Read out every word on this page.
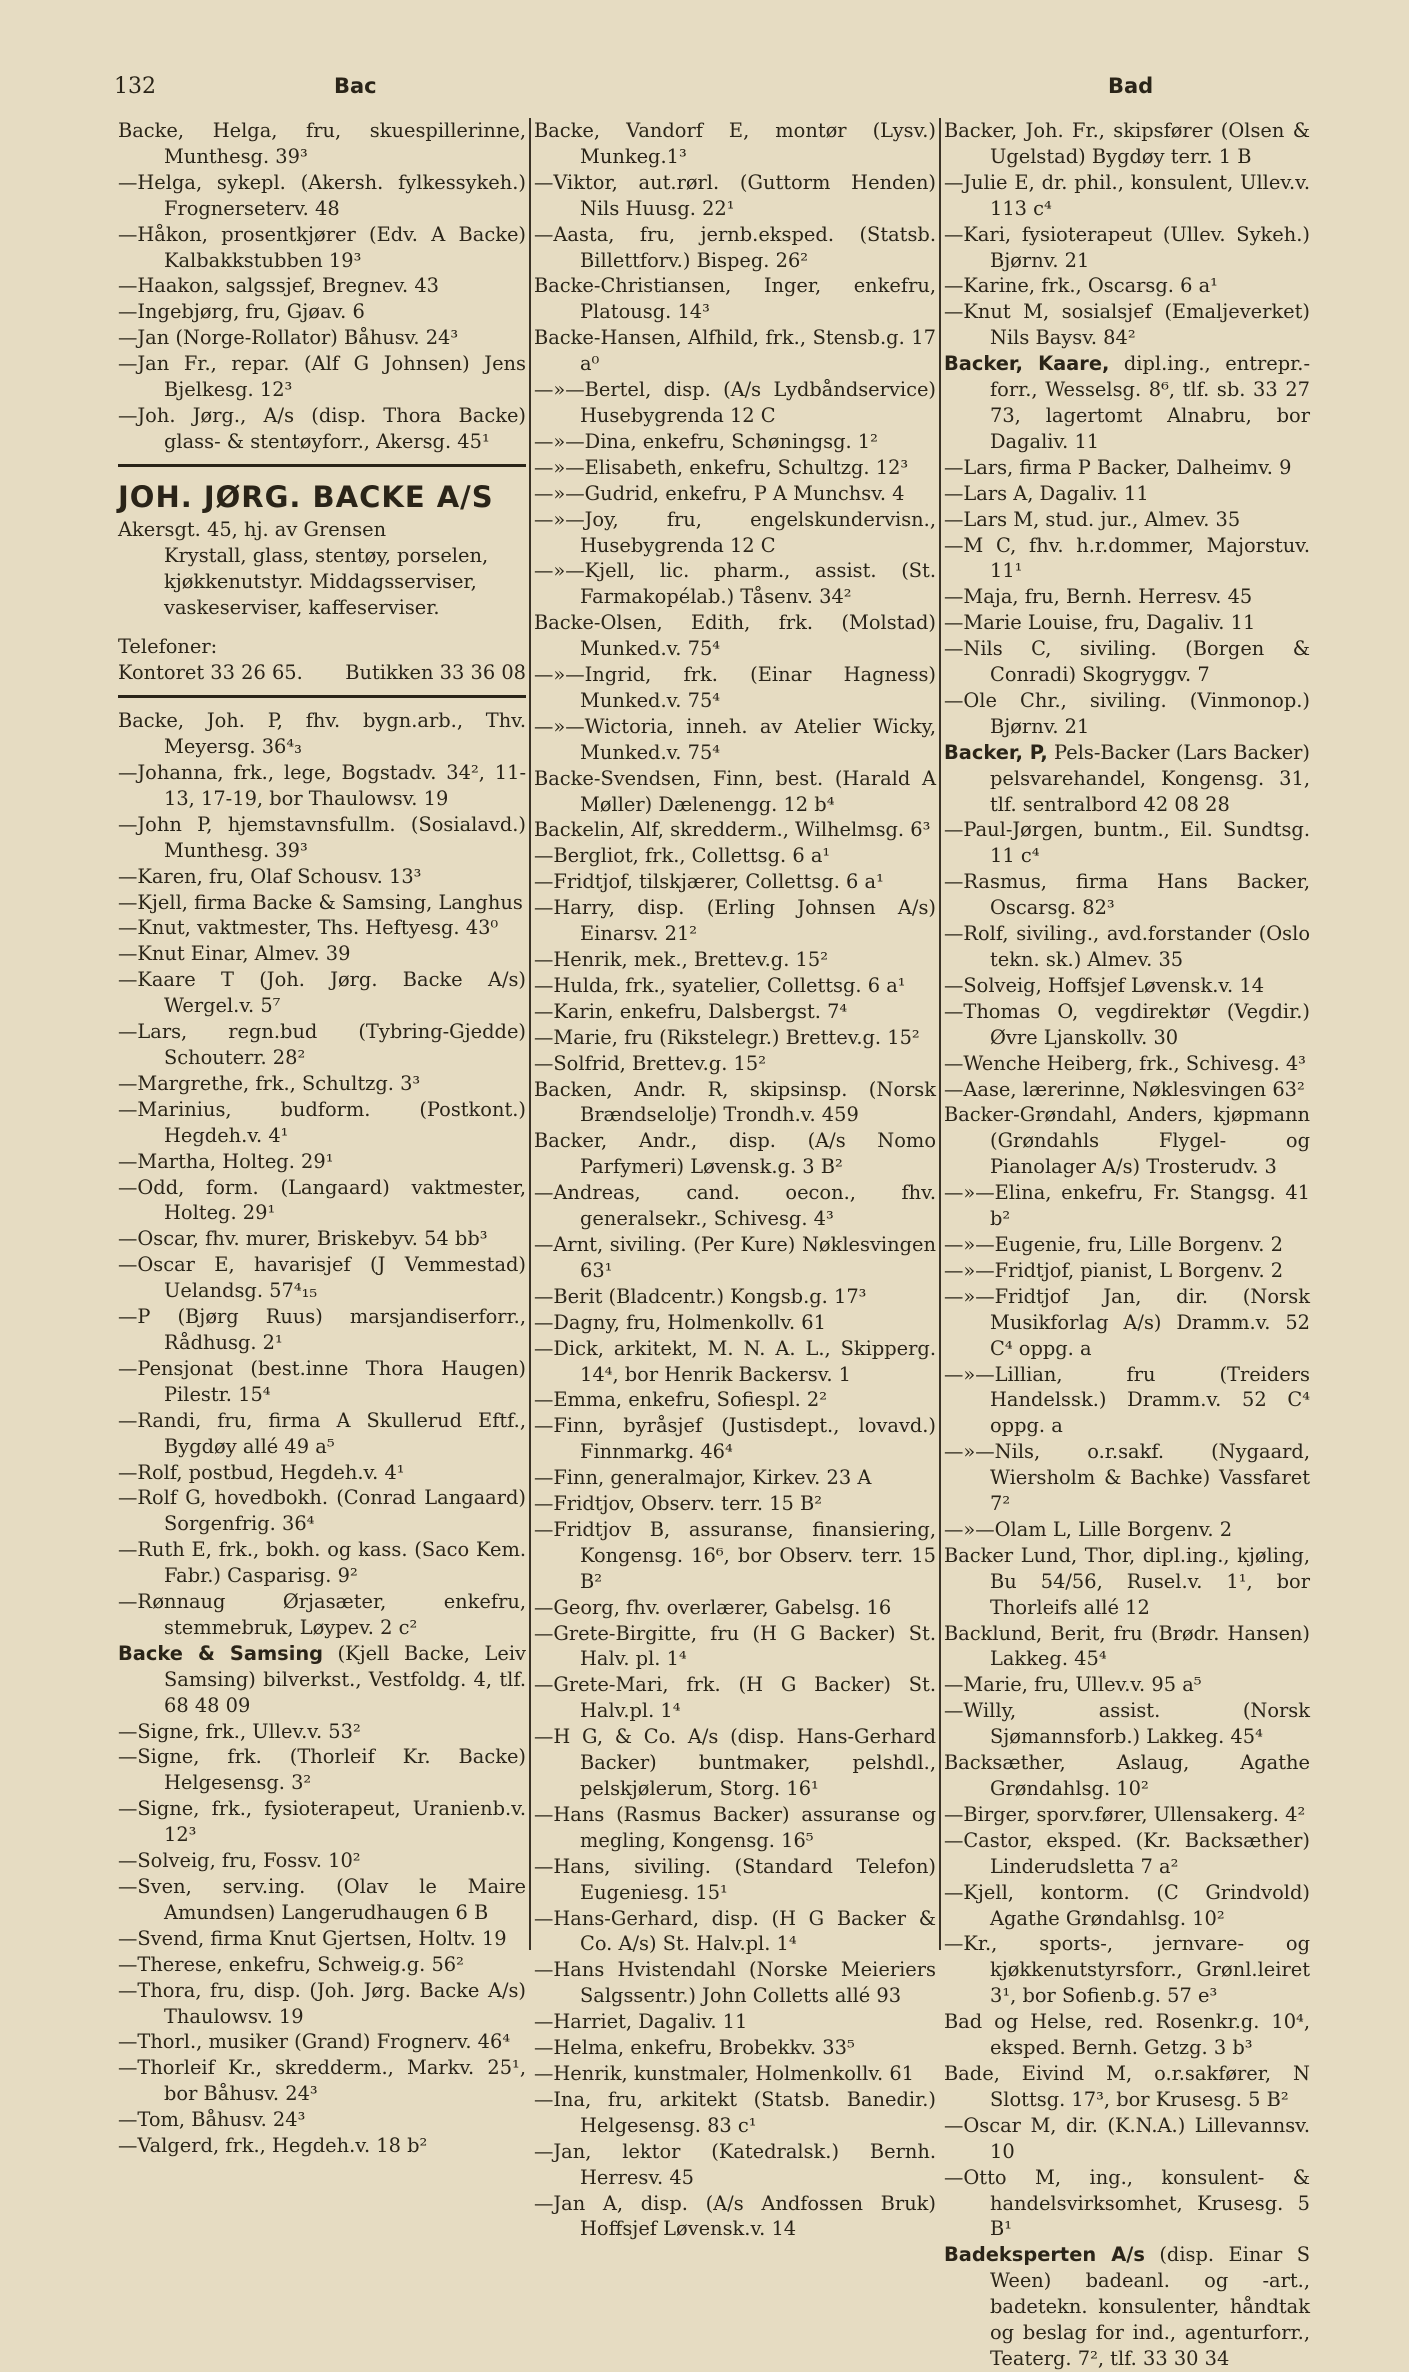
132	Bac	Bad

Backe, Helga, fru, skuespillerinne, Munthesg. 39³

—Helga, sykepl. (Akersh. fylkessykeh.) Frognerseterv. 48

—Håkon, prosentkjører (Edv. A Backe) Kalbakkstubben 19³

—Haakon, salgssjef, Bregnev. 43

—Ingebjørg, fru, Gjøav. 6

—Jan (Norge-Rollator) Båhusv. 24³

—Jan Fr., repar. (Alf G Johnsen) Jens Bjelkesg. 12³

—Joh. Jørg., A/s (disp. Thora Backe) glass- & stentøyforr., Akersg. 45¹

JOH. JØRG. BACKE A/S

Akersgt. 45, hj. av Grensen

Krystall, glass, stentøy, porselen, kjøkkenutstyr. Middagsserviser, vaskeserviser, kaffeserviser.

Telefoner:

Kontoret 33 26 65. Butikken 33 36 08

Backe, Joh. P, fhv. bygn.arb., Thv. Meyersg. 36⁴₃

—Johanna, frk., lege, Bogstadv. 34², 11-13, 17-19, bor Thaulowsv. 19

—John P, hjemstavnsfullm. (Sosialavd.) Munthesg. 39³

—Karen, fru, Olaf Schousv. 13³

—Kjell, firma Backe & Samsing, Langhus

—Knut, vaktmester, Ths. Heftyesg. 43⁰

—Knut Einar, Almev. 39

—Kaare T (Joh. Jørg. Backe A/s) Wergel.v. 5⁷

—Lars, regn.bud (Tybring-Gjedde) Schouterr. 28²

—Margrethe, frk., Schultzg. 3³

—Marinius, budform. (Postkont.) Hegdeh.v. 4¹

—Martha, Holteg. 29¹

—Odd, form. (Langaard) vaktmester, Holteg. 29¹

—Oscar, fhv. murer, Briskebyv. 54 bb³

—Oscar E, havarisjef (J Vemmestad) Uelandsg. 57⁴₁₅

—P (Bjørg Ruus) marsjandiserforr., Rådhusg. 2¹

—Pensjonat (best.inne Thora Haugen) Pilestr. 15⁴

—Randi, fru, firma A Skullerud Eftf., Bygdøy allé 49 a⁵

—Rolf, postbud, Hegdeh.v. 4¹

—Rolf G, hovedbokh. (Conrad Langaard) Sorgenfrig. 36⁴

—Ruth E, frk., bokh. og kass. (Saco Kem. Fabr.) Casparisg. 9²

—Rønnaug Ørjasæter, enkefru, stemmebruk, Løypev. 2 c²

Backe & Samsing (Kjell Backe, Leiv Samsing) bilverkst., Vestfoldg. 4, tlf. 68 48 09

—Signe, frk., Ullev.v. 53²

—Signe, frk. (Thorleif Kr. Backe) Helgesensg. 3²

—Signe, frk., fysioterapeut, Uranienb.v. 12³

—Solveig, fru, Fossv. 10²

—Sven, serv.ing. (Olav le Maire Amundsen) Langerudhaugen 6 B

—Svend, firma Knut Gjertsen, Holtv. 19

—Therese, enkefru, Schweig.g. 56²

—Thora, fru, disp. (Joh. Jørg. Backe A/s) Thaulowsv. 19

—Thorl., musiker (Grand) Frognerv. 46⁴

—Thorleif Kr., skredderm., Markv. 25¹, bor Båhusv. 24³

—Tom, Båhusv. 24³

—Valgerd, frk., Hegdeh.v. 18 b²

Backe, Vandorf E, montør (Lysv.) Munkeg.1³

—Viktor, aut.rørl. (Guttorm Henden) Nils Huusg. 22¹

—Aasta, fru, jernb.eksped. (Statsb. Billettforv.) Bispeg. 26²

Backe-Christiansen, Inger, enkefru, Platousg. 14³

Backe-Hansen, Alfhild, frk., Stensb.g. 17 a⁰

—»—Bertel, disp. (A/s Lydbåndservice) Husebygrenda 12 C

—»—Dina, enkefru, Schøningsg. 1²

—»—Elisabeth, enkefru, Schultzg. 12³

—»—Gudrid, enkefru, P A Munchsv. 4

—»—Joy, fru, engelskundervisn., Husebygrenda 12 C

—»—Kjell, lic. pharm., assist. (St. Farmakopélab.) Tåsenv. 34²

Backe-Olsen, Edith, frk. (Molstad) Munked.v. 75⁴

—»—Ingrid, frk. (Einar Hagness) Munked.v. 75⁴

—»—Wictoria, inneh. av Atelier Wicky, Munked.v. 75⁴

Backe-Svendsen, Finn, best. (Harald A Møller) Dælenengg. 12 b⁴

Backelin, Alf, skredderm., Wilhelmsg. 6³

—Bergliot, frk., Collettsg. 6 a¹

—Fridtjof, tilskjærer, Collettsg. 6 a¹

—Harry, disp. (Erling Johnsen A/s) Einarsv. 21²

—Henrik, mek., Brettev.g. 15²

—Hulda, frk., syatelier, Collettsg. 6 a¹

—Karin, enkefru, Dalsbergst. 7⁴

—Marie, fru (Rikstelegr.) Brettev.g. 15²

—Solfrid, Brettev.g. 15²

Backen, Andr. R, skipsinsp. (Norsk Brændselolje) Trondh.v. 459

Backer, Andr., disp. (A/s Nomo Parfymeri) Løvensk.g. 3 B²

—Andreas, cand. oecon., fhv. generalsekr., Schivesg. 4³

—Arnt, siviling. (Per Kure) Nøklesvingen 63¹

—Berit (Bladcentr.) Kongsb.g. 17³

—Dagny, fru, Holmenkollv. 61

—Dick, arkitekt, M. N. A. L., Skipperg. 14⁴, bor Henrik Backersv. 1

—Emma, enkefru, Sofiespl. 2²

—Finn, byråsjef (Justisdept., lovavd.) Finnmarkg. 46⁴

—Finn, generalmajor, Kirkev. 23 A

—Fridtjov, Observ. terr. 15 B²

—Fridtjov B, assuranse, finansiering, Kongensg. 16⁶, bor Observ. terr. 15 B²

—Georg, fhv. overlærer, Gabelsg. 16

—Grete-Birgitte, fru (H G Backer) St. Halv. pl. 1⁴

—Grete-Mari, frk. (H G Backer) St. Halv.pl. 1⁴

—H G, & Co. A/s (disp. Hans-Gerhard Backer) buntmaker, pelshdl., pelskjølerum, Storg. 16¹

—Hans (Rasmus Backer) assuranse og megling, Kongensg. 16⁵

—Hans, siviling. (Standard Telefon) Eugeniesg. 15¹

—Hans-Gerhard, disp. (H G Backer & Co. A/s) St. Halv.pl. 1⁴

—Hans Hvistendahl (Norske Meieriers Salgssentr.) John Colletts allé 93

—Harriet, Dagaliv. 11

—Helma, enkefru, Brobekkv. 33⁵

—Henrik, kunstmaler, Holmenkollv. 61

—Ina, fru, arkitekt (Statsb. Banedir.) Helgesensg. 83 c¹

—Jan, lektor (Katedralsk.) Bernh. Herresv. 45

—Jan A, disp. (A/s Andfossen Bruk) Hoffsjef Løvensk.v. 14

Backer, Joh. Fr., skipsfører (Olsen & Ugelstad) Bygdøy terr. 1 B

—Julie E, dr. phil., konsulent, Ullev.v. 113 c⁴

—Kari, fysioterapeut (Ullev. Sykeh.) Bjørnv. 21

—Karine, frk., Oscarsg. 6 a¹

—Knut M, sosialsjef (Emaljeverket) Nils Baysv. 84²

Backer, Kaare, dipl.ing., entrepr.-forr., Wesselsg. 8⁶, tlf. sb. 33 27 73, lagertomt Alnabru, bor Dagaliv. 11

—Lars, firma P Backer, Dalheimv. 9

—Lars A, Dagaliv. 11

—Lars M, stud. jur., Almev. 35

—M C, fhv. h.r.dommer, Majorstuv. 11¹

—Maja, fru, Bernh. Herresv. 45

—Marie Louise, fru, Dagaliv. 11

—Nils C, siviling. (Borgen & Conradi) Skogryggv. 7

—Ole Chr., siviling. (Vinmonop.) Bjørnv. 21

Backer, P, Pels-Backer (Lars Backer) pelsvarehandel, Kongensg. 31, tlf. sentralbord 42 08 28

—Paul-Jørgen, buntm., Eil. Sundtsg. 11 c⁴

—Rasmus, firma Hans Backer, Oscarsg. 82³

—Rolf, siviling., avd.forstander (Oslo tekn. sk.) Almev. 35

—Solveig, Hoffsjef Løvensk.v. 14

—Thomas O, vegdirektør (Vegdir.) Øvre Ljanskollv. 30

—Wenche Heiberg, frk., Schivesg. 4³

—Aase, lærerinne, Nøklesvingen 63²

Backer-Grøndahl, Anders, kjøpmann (Grøndahls Flygel- og Pianolager A/s) Trosterudv. 3

—»—Elina, enkefru, Fr. Stangsg. 41 b²

—»—Eugenie, fru, Lille Borgenv. 2

—»—Fridtjof, pianist, L Borgenv. 2

—»—Fridtjof Jan, dir. (Norsk Musikforlag A/s) Dramm.v. 52 C⁴ oppg. a

—»—Lillian, fru (Treiders Handelssk.) Dramm.v. 52 C⁴ oppg. a

—»—Nils, o.r.sakf. (Nygaard, Wiersholm & Bachke) Vassfaret 7²

—»—Olam L, Lille Borgenv. 2

Backer Lund, Thor, dipl.ing., kjøling, Bu 54/56, Rusel.v. 1¹, bor Thorleifs allé 12

Backlund, Berit, fru (Brødr. Hansen) Lakkeg. 45⁴

—Marie, fru, Ullev.v. 95 a⁵

—Willy, assist. (Norsk Sjømannsforb.) Lakkeg. 45⁴

Backsæther, Aslaug, Agathe Grøndahlsg. 10²

—Birger, sporv.fører, Ullensakerg. 4²

—Castor, eksped. (Kr. Backsæther) Linderudsletta 7 a²

—Kjell, kontorm. (C Grindvold) Agathe Grøndahlsg. 10²

—Kr., sports-, jernvare- og kjøkkenutstyrsforr., Grønl.leiret 3¹, bor Sofienb.g. 57 e³

Bad og Helse, red. Rosenkr.g. 10⁴, eksped. Bernh. Getzg. 3 b³

Bade, Eivind M, o.r.sakfører, N Slottsg. 17³, bor Krusesg. 5 B²

—Oscar M, dir. (K.N.A.) Lillevannsv. 10

—Otto M, ing., konsulent- & handelsvirksomhet, Krusesg. 5 B¹

Badeksperten A/s (disp. Einar S Ween) badeanl. og -art., badetekn. konsulenter, håndtak og beslag for ind., agenturforr., Teaterg. 7², tlf. 33 30 34
